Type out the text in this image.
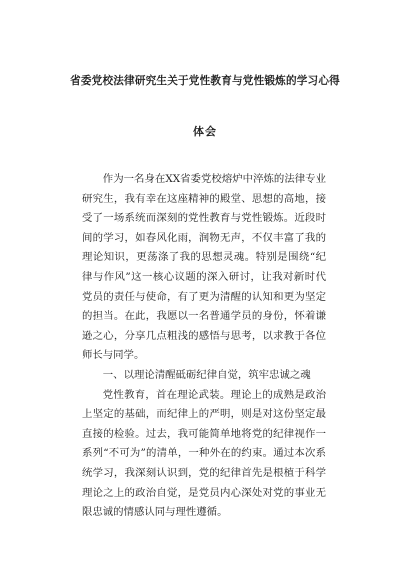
省委党校法律研究生关于党性教育与党性锻炼的学习心得
体会

作为一名身在XX省委党校熔炉中淬炼的法律专业研究生，我有幸在这座精神的殿堂、思想的高地，接受了一场系统而深刻的党性教育与党性锻炼。近段时间的学习，如春风化雨，润物无声，不仅丰富了我的理论知识，更荡涤了我的思想灵魂。特别是围绕“纪律与作风”这一核心议题的深入研讨，让我对新时代党员的责任与使命，有了更为清醒的认知和更为坚定的担当。在此，我愿以一名普通学员的身份，怀着谦逊之心，分享几点粗浅的感悟与思考，以求教于各位师长与同学。

一、以理论清醒砥砺纪律自觉，筑牢忠诚之魂

党性教育，首在理论武装。理论上的成熟是政治上坚定的基础，而纪律上的严明，则是对这份坚定最直接的检验。过去，我可能简单地将党的纪律视作一系列“不可为”的清单，一种外在的约束。通过本次系统学习，我深刻认识到，党的纪律首先是根植于科学理论之上的政治自觉，是党员内心深处对党的事业无限忠诚的情感认同与理性遵循。
